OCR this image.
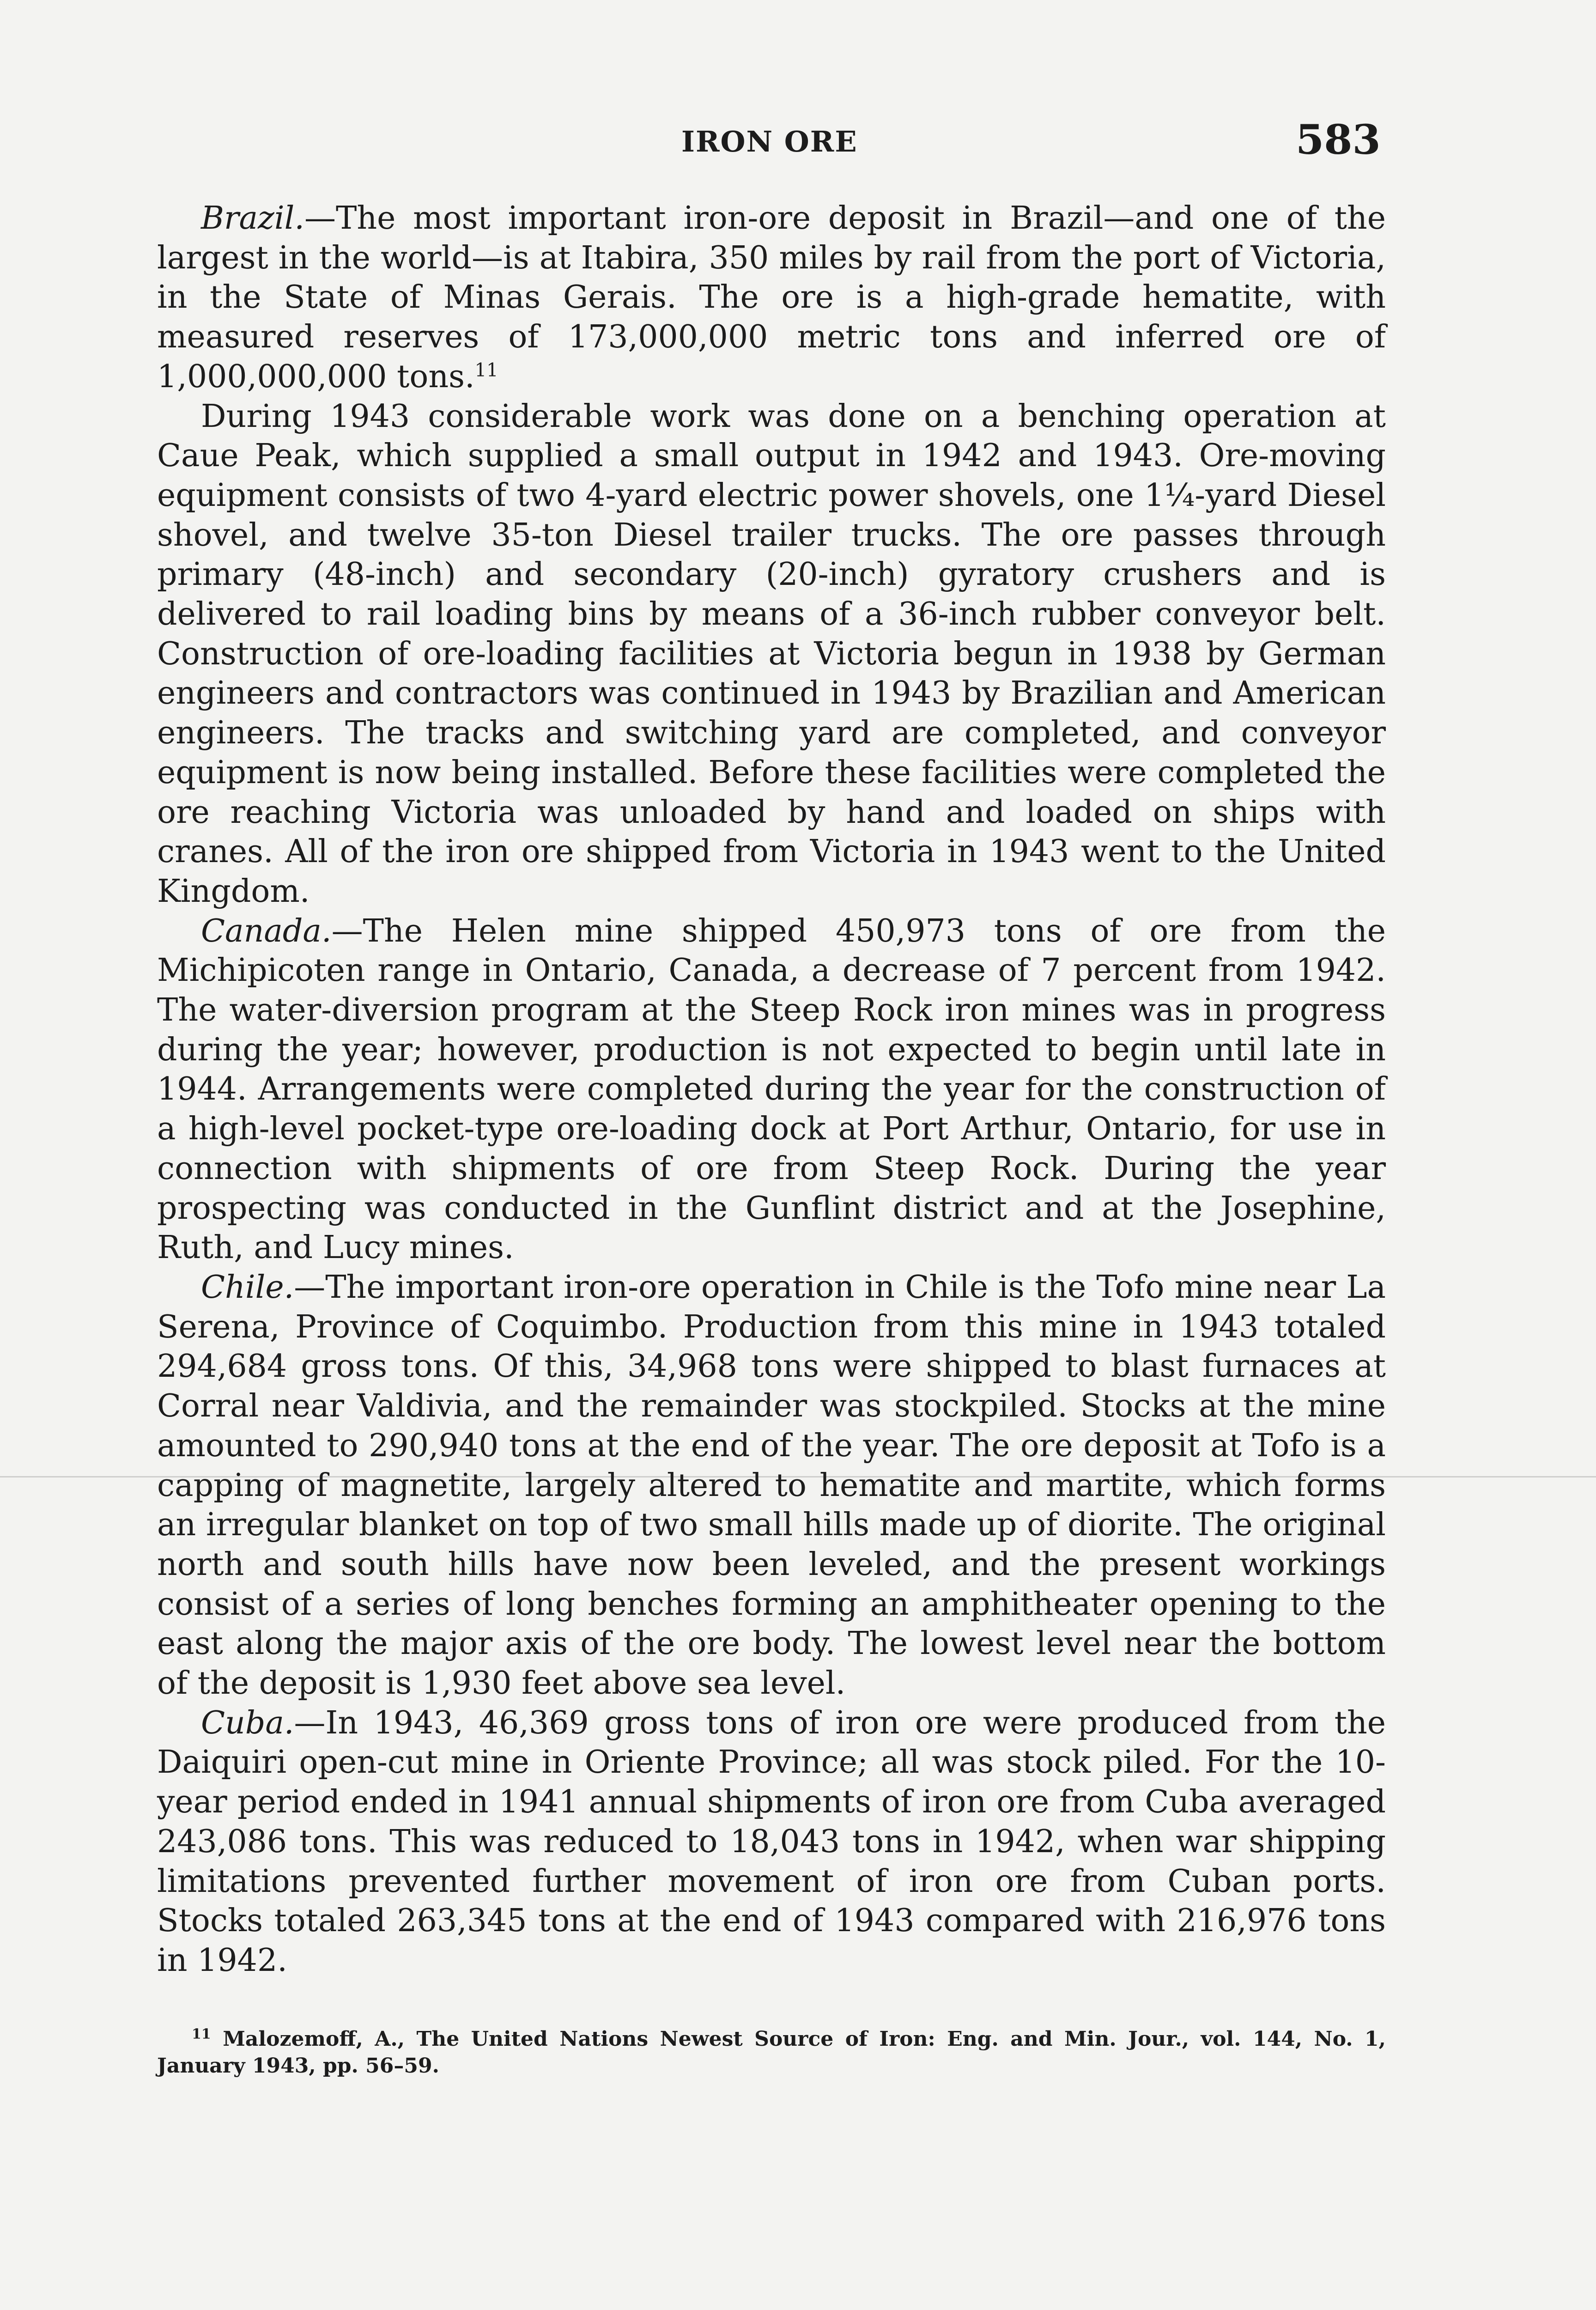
IRON ORE	583

Brazil.—The most important iron-ore deposit in Brazil—and one of the largest in the world—is at Itabira, 350 miles by rail from the port of Victoria, in the State of Minas Gerais. The ore is a high-grade hematite, with measured reserves of 173,000,000 metric tons and inferred ore of 1,000,000,000 tons.$^{11}$

During 1943 considerable work was done on a benching operation at Caue Peak, which supplied a small output in 1942 and 1943. Ore-moving equipment consists of two 4-yard electric power shovels, one 1¼-yard Diesel shovel, and twelve 35-ton Diesel trailer trucks. The ore passes through primary (48-inch) and secondary (20-inch) gyratory crushers and is delivered to rail loading bins by means of a 36-inch rubber conveyor belt. Construction of ore-loading facilities at Victoria begun in 1938 by German engineers and contractors was continued in 1943 by Brazilian and American engineers. The tracks and switching yard are completed, and conveyor equipment is now being installed. Before these facilities were completed the ore reaching Victoria was unloaded by hand and loaded on ships with cranes. All of the iron ore shipped from Victoria in 1943 went to the United Kingdom.

Canada.—The Helen mine shipped 450,973 tons of ore from the Michipicoten range in Ontario, Canada, a decrease of 7 percent from 1942. The water-diversion program at the Steep Rock iron mines was in progress during the year; however, production is not expected to begin until late in 1944. Arrangements were completed during the year for the construction of a high-level pocket-type ore-loading dock at Port Arthur, Ontario, for use in connection with shipments of ore from Steep Rock. During the year prospecting was conducted in the Gunflint district and at the Josephine, Ruth, and Lucy mines.

Chile.—The important iron-ore operation in Chile is the Tofo mine near La Serena, Province of Coquimbo. Production from this mine in 1943 totaled 294,684 gross tons. Of this, 34,968 tons were shipped to blast furnaces at Corral near Valdivia, and the remainder was stockpiled. Stocks at the mine amounted to 290,940 tons at the end of the year. The ore deposit at Tofo is a capping of magnetite, largely altered to hematite and martite, which forms an irregular blanket on top of two small hills made up of diorite. The original north and south hills have now been leveled, and the present workings consist of a series of long benches forming an amphitheater opening to the east along the major axis of the ore body. The lowest level near the bottom of the deposit is 1,930 feet above sea level.

Cuba.—In 1943, 46,369 gross tons of iron ore were produced from the Daiquiri open-cut mine in Oriente Province; all was stock piled. For the 10-year period ended in 1941 annual shipments of iron ore from Cuba averaged 243,086 tons. This was reduced to 18,043 tons in 1942, when war shipping limitations prevented further movement of iron ore from Cuban ports. Stocks totaled 263,345 tons at the end of 1943 compared with 216,976 tons in 1942.

$^{11}$ Malozemoff, A., The United Nations Newest Source of Iron: Eng. and Min. Jour., vol. 144, No. 1, January 1943, pp. 56–59.
